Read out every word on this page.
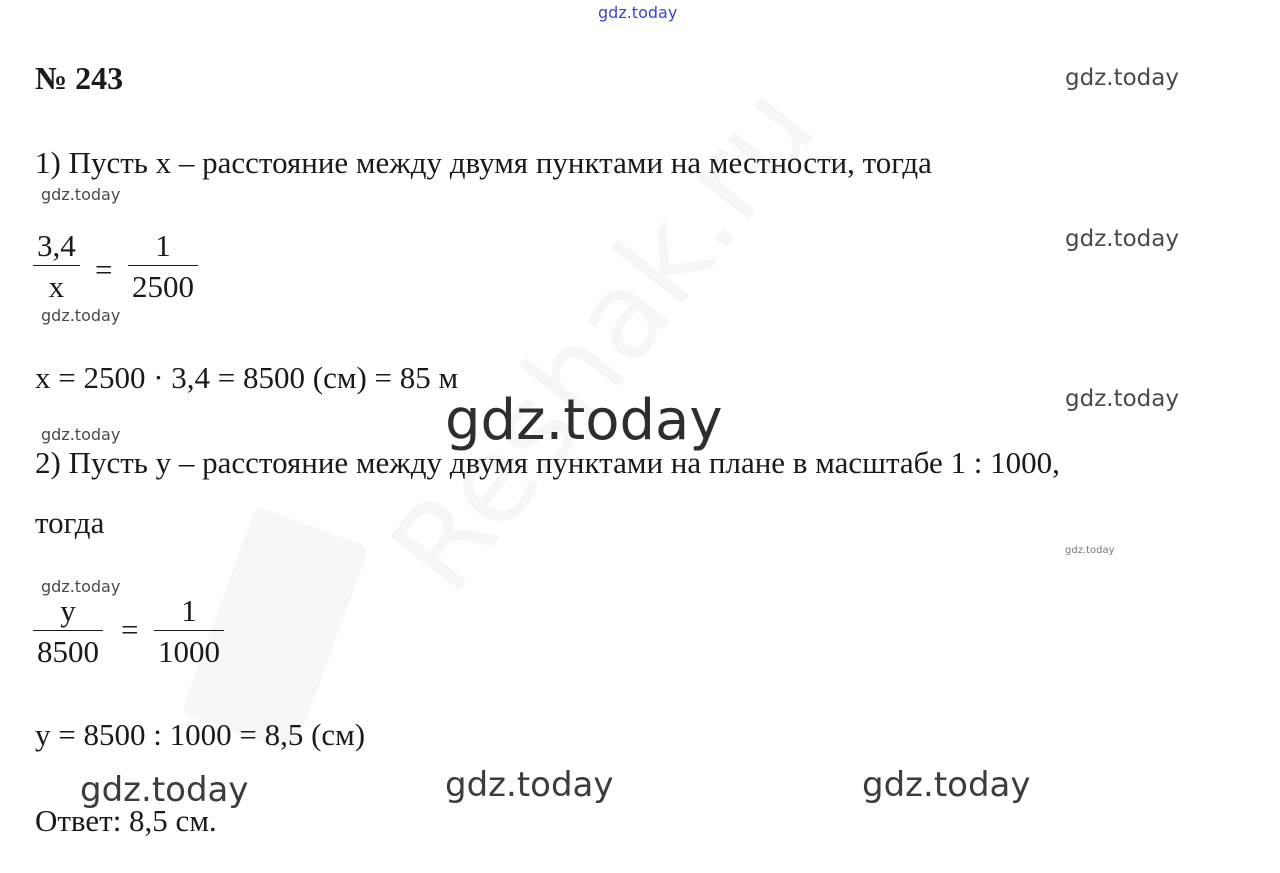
gdz.today
№ 243	gdz.today
1) Пусть х – расстояние между двумя пунктами на местности, тогда
gdz.today
3,4
x =
1
2500
gdz.today
gdz.today
х = 2500 · 3,4 = 8500 (см) = 85 м
gdz.today
gdz.today
gdz.today
2) Пусть у – расстояние между двумя пунктами на плане в масштабе 1 : 1000,
тогда
gdz.today
gdz.today
у
8500
=
1
1000
у = 8500 : 1000 = 8,5 (см)
gdz.today	gdz.today	gdz.today
Ответ: 8,5 см.
